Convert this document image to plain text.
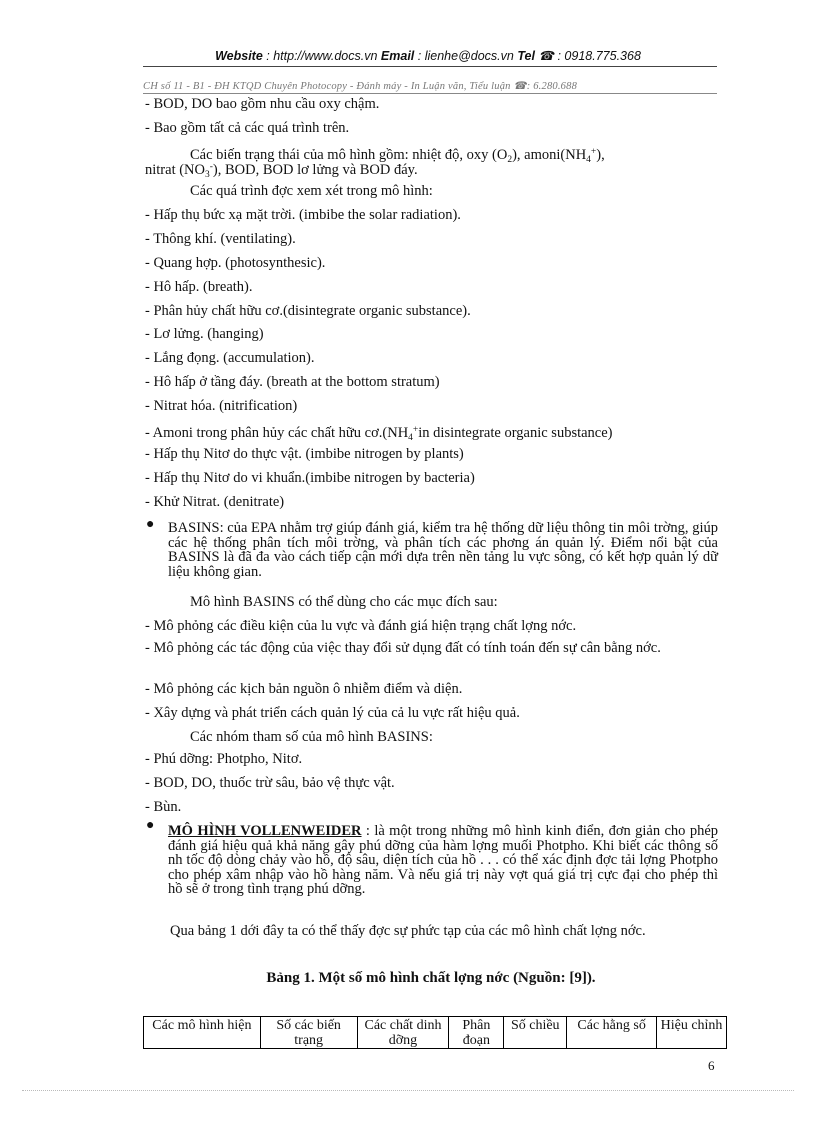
Website : http://www.docs.vn Email : lienhe@docs.vn Tel ☎ : 0918.775.368
CH số 11 - B1 - ĐH KTQD Chuyên Photocopy - Đánh máy - In Luận văn, Tiểu luận ☎: 6.280.688
- BOD, DO bao gồm nhu cầu oxy chậm.
- Bao gồm tất cả các quá trình trên.
Các biến trạng thái của mô hình gồm: nhiệt độ, oxy $(O_2)$, $amoni(NH_4^+)$,
nitrat $(NO_3^-)$, BOD, BOD lơ lửng và BOD đáy.
Các quá trình đợc xem xét trong mô hình:
- Hấp thụ bức xạ mặt trời. (imbibe the solar radiation).
- Thông khí. (ventilating).
- Quang hợp. (photosynthesic).
- Hô hấp. (breath).
- Phân hủy chất hữu cơ.(disintegrate organic substance).
- Lơ lửng. (hanging)
- Lắng đọng. (accumulation).
- Hô hấp ở tầng đáy. (breath at the bottom stratum)
- Nitrat hóa. (nitrification)
- Amoni trong phân hủy các chất hữu $cơ.(NH_4^+in$ disintegrate organic substance)
- Hấp thụ Nitơ do thực vật. (imbibe nitrogen by plants)
- Hấp thụ Nitơ do vi khuẩn.(imbibe nitrogen by bacteria)
- Khử Nitrat. (denitrate)
● BASINS: của EPA nhằm trợ giúp đánh giá, kiểm tra hệ thống dữ liệu thông tin môi trờng, giúp các hệ thống phân tích môi trờng, và phân tích các phơng án quản lý. Điểm nổi bật của BASINS là đã đa vào cách tiếp cận mới dựa trên nền tảng lu vực sông, có kết hợp quản lý dữ liệu không gian.
Mô hình BASINS có thể dùng cho các mục đích sau:
- Mô phỏng các điều kiện của lu vực và đánh giá hiện trạng chất lợng nớc.
- Mô phỏng các tác động của việc thay đổi sử dụng đất có tính toán đến sự cân bằng nớc.
- Mô phỏng các kịch bản nguồn ô nhiễm điểm và diện.
- Xây dựng và phát triển cách quản lý của cả lu vực rất hiệu quả.
Các nhóm tham số của mô hình BASINS:
- Phú dỡng: Photpho, Nitơ.
- BOD, DO, thuốc trừ sâu, bảo vệ thực vật.
- Bùn.
● MÔ HÌNH VOLLENWEIDER : là một trong những mô hình kinh điển, đơn giản cho phép đánh giá hiệu quả khả năng gây phú dỡng của hàm lợng muối Photpho. Khi biết các thông số nh tốc độ dòng chảy vào hồ, độ sâu, diện tích của hồ . . . có thể xác định đợc tải lợng Photpho cho phép xâm nhập vào hồ hàng năm. Và nếu giá trị này vợt quá giá trị cực đại cho phép thì hồ sẽ ở trong tình trạng phú dỡng.
Qua bảng 1 dới đây ta có thể thấy đợc sự phức tạp của các mô hình chất lợng nớc.
Bảng 1. Một số mô hình chất lợng nớc (Nguồn: [9]).
Các mô hình hiện	Số các biến trạng	Các chất dinh dỡng	Phân đoạn	Số chiều	Các hằng số	Hiệu chỉnh
6
